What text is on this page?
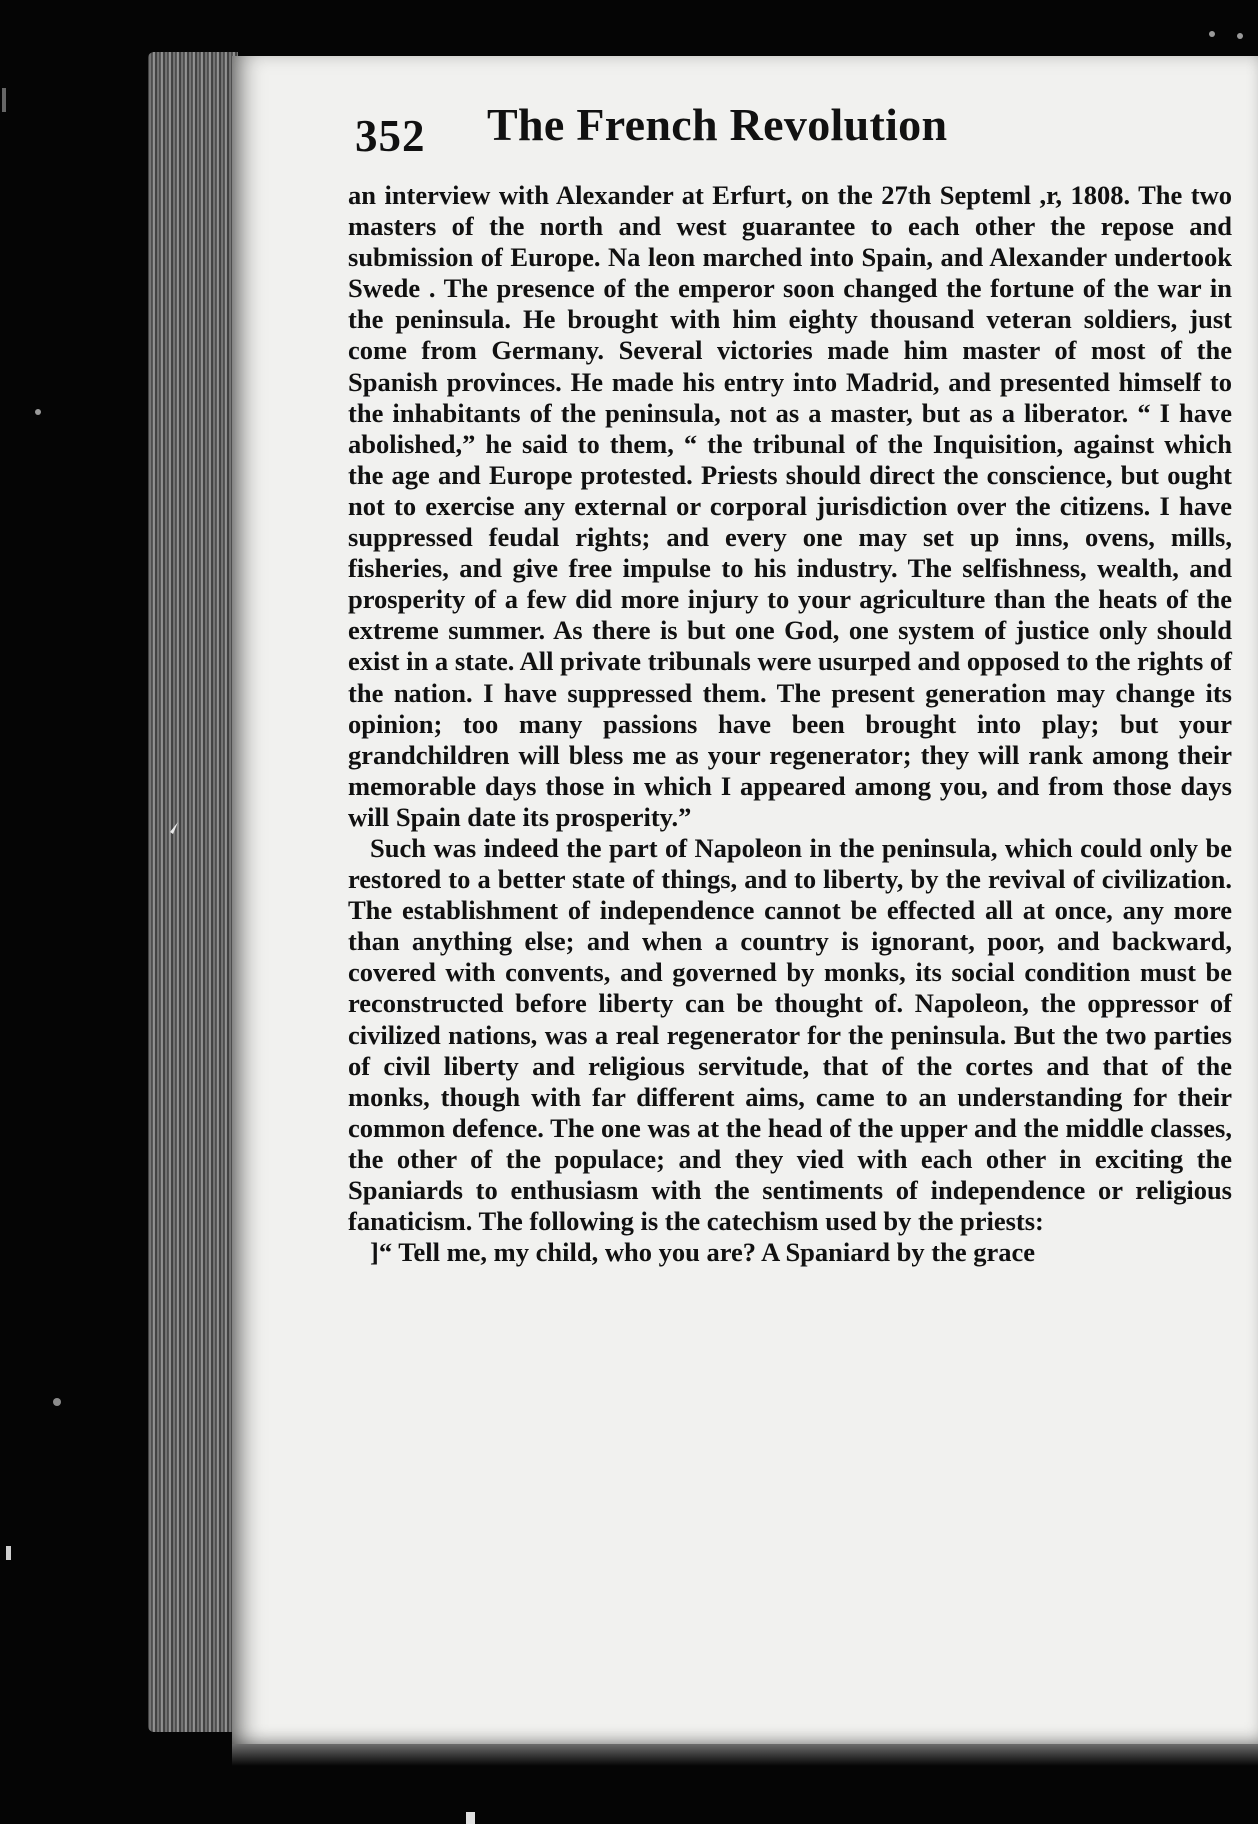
352 The French Revolution

an interview with Alexander at Erfurt, on the 27th Septeml ,r, 1808. The two masters of the north and west guarantee to each other the repose and submission of Europe. Na leon marched into Spain, and Alexander undertook Swede . The presence of the emperor soon changed the fortune of the war in the peninsula. He brought with him eighty thousand veteran soldiers, just come from Germany. Several victories made him master of most of the Spanish provinces. He made his entry into Madrid, and presented himself to the inhabitants of the peninsula, not as a master, but as a liberator. “ I have abolished,” he said to them, “ the tribunal of the Inquisition, against which the age and Europe protested. Priests should direct the conscience, but ought not to exercise any external or corporal jurisdiction over the citizens. I have suppressed feudal rights; and every one may set up inns, ovens, mills, fisheries, and give free impulse to his industry. The selfishness, wealth, and prosperity of a few did more injury to your agriculture than the heats of the extreme summer. As there is but one God, one system of justice only should exist in a state. All private tribunals were usurped and opposed to the rights of the nation. I have suppressed them. The present generation may change its opinion; too many passions have been brought into play; but your grandchildren will bless me as your regenerator; they will rank among their memorable days those in which I appeared among you, and from those days will Spain date its prosperity.”

Such was indeed the part of Napoleon in the peninsula, which could only be restored to a better state of things, and to liberty, by the revival of civilization. The establishment of independence cannot be effected all at once, any more than anything else; and when a country is ignorant, poor, and backward, covered with convents, and governed by monks, its social condition must be reconstructed before liberty can be thought of. Napoleon, the oppressor of civilized nations, was a real regenerator for the peninsula. But the two parties of civil liberty and religious servitude, that of the cortes and that of the monks, though with far different aims, came to an understanding for their common defence. The one was at the head of the upper and the middle classes, the other of the populace; and they vied with each other in exciting the Spaniards to enthusiasm with the sentiments of independence or religious fanaticism. The following is the catechism used by the priests:

]“ Tell me, my child, who you are? A Spaniard by the grace
